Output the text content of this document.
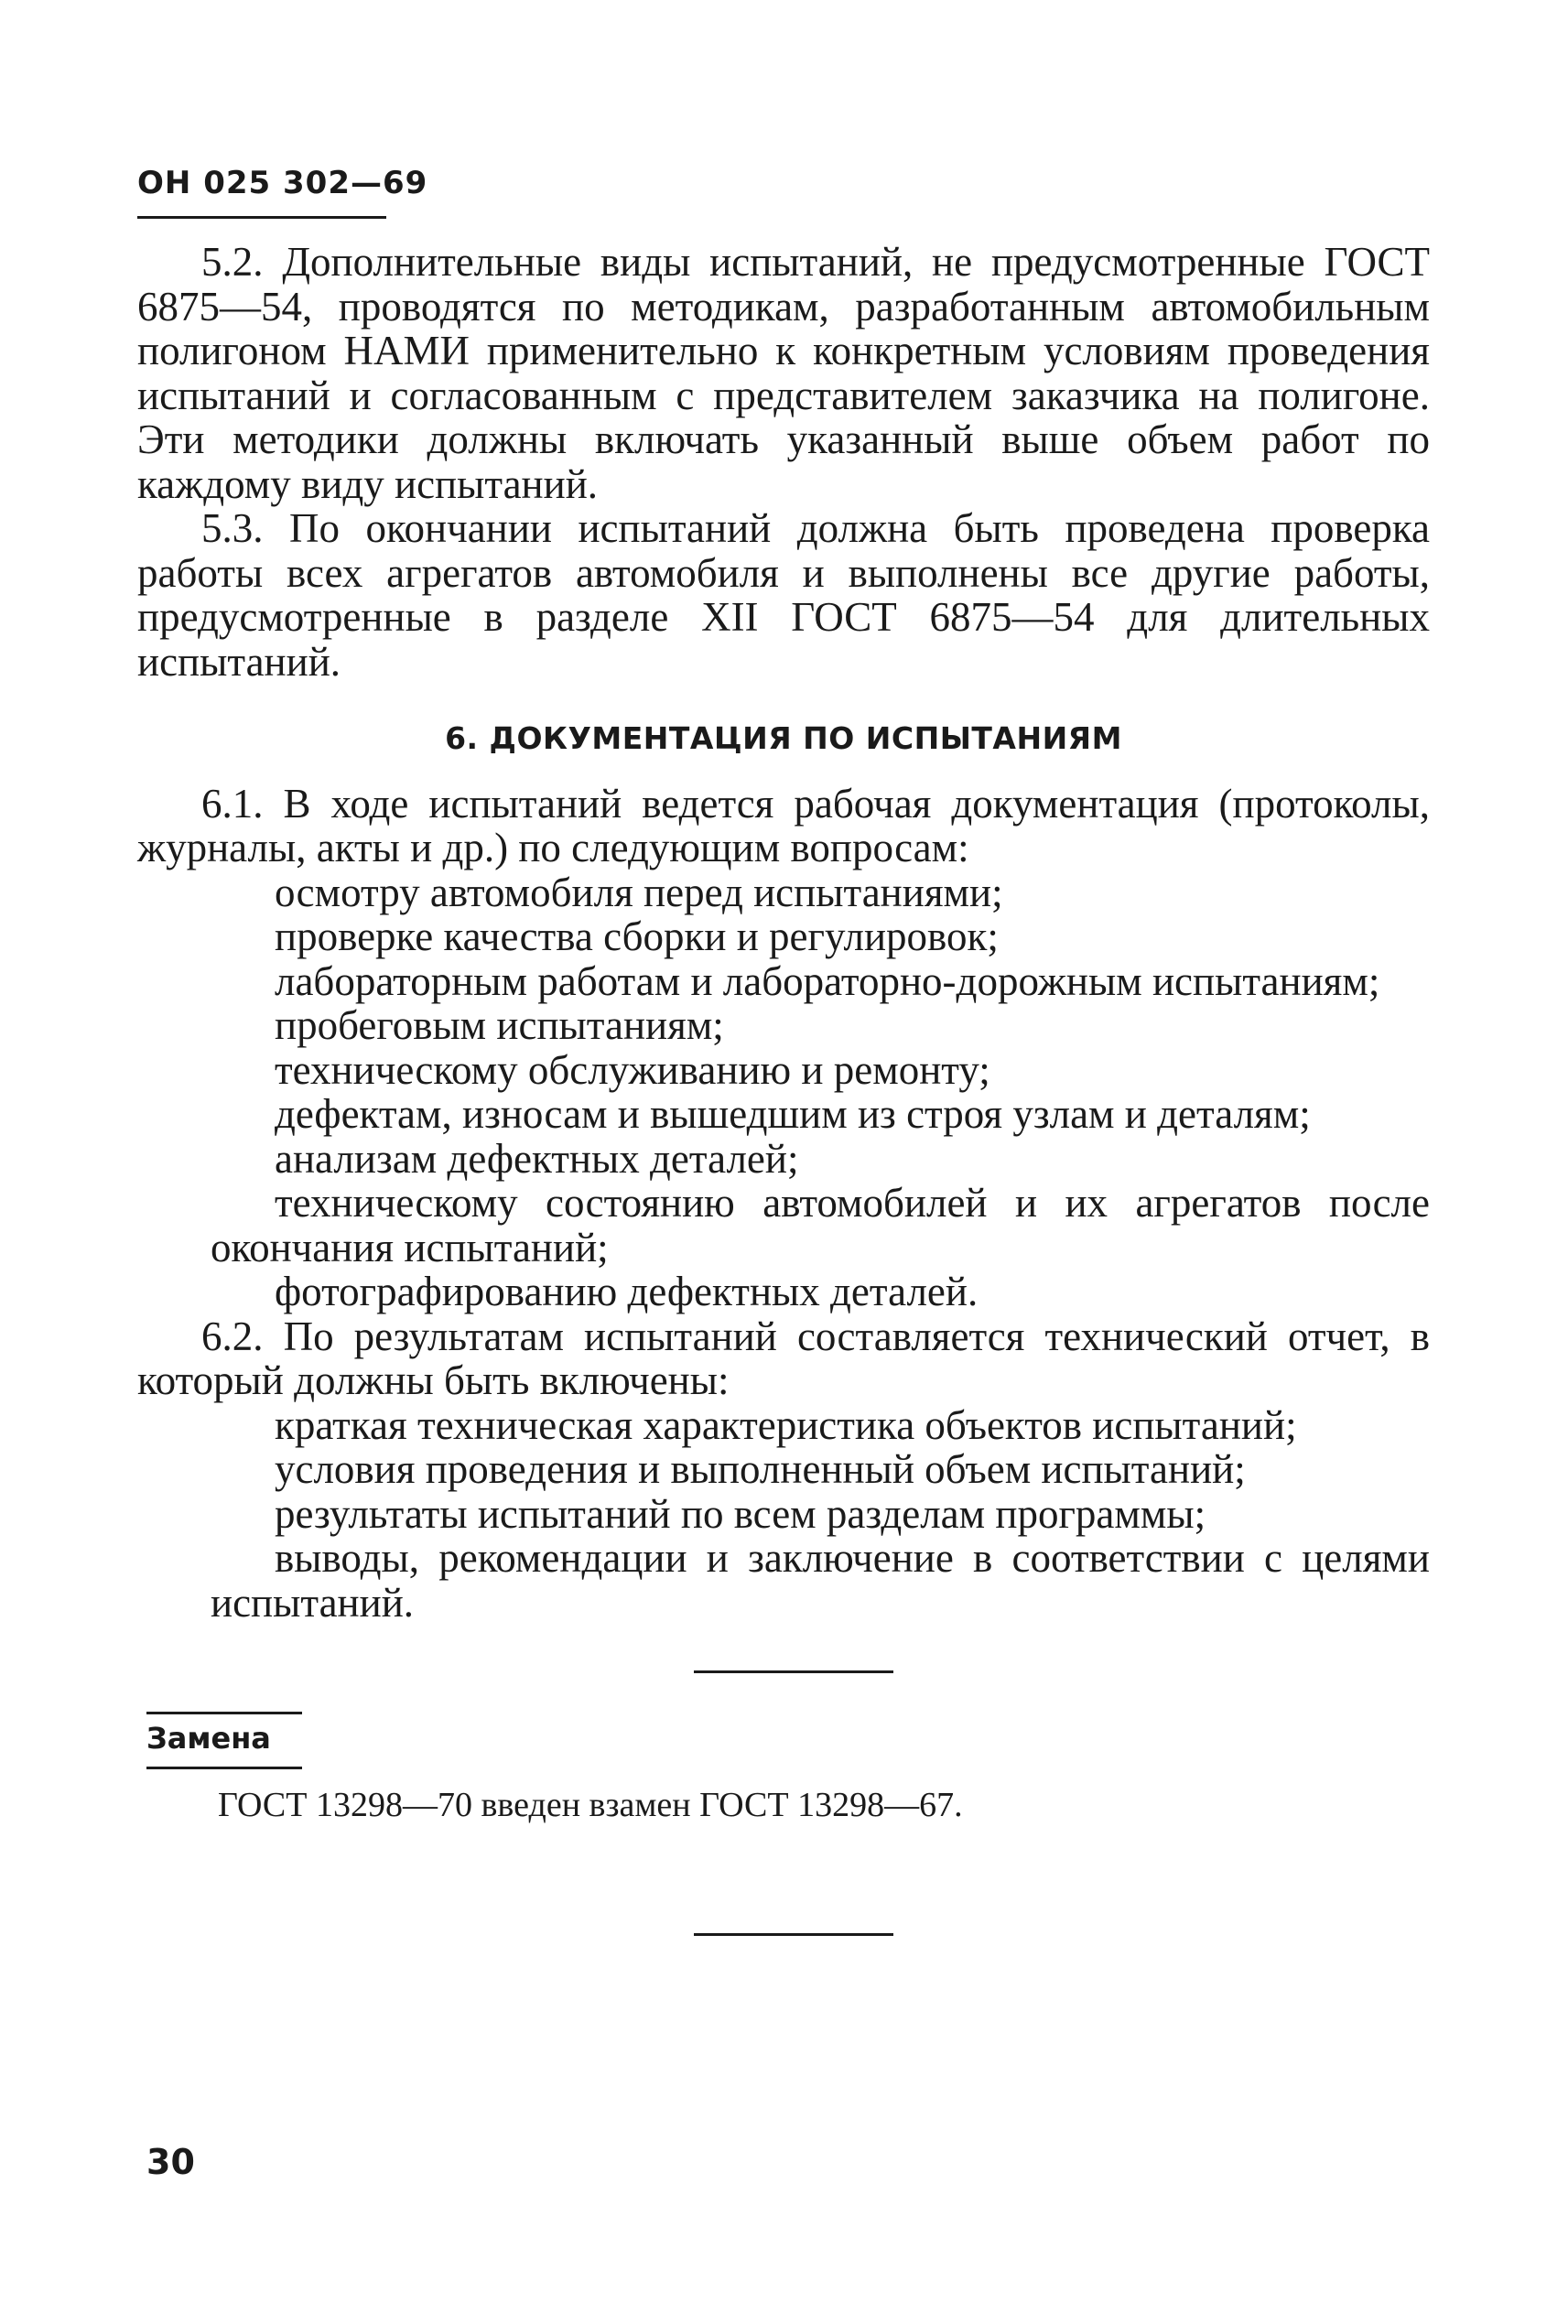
ОН 025 302—69

5.2. Дополнительные виды испытаний, не предусмотренные ГОСТ 6875—54, проводятся по методикам, разработанным автомобильным полигоном НАМИ применительно к конкретным условиям проведения испытаний и согласованным с представителем заказчика на полигоне. Эти методики должны включать указанный выше объем работ по каждому виду испытаний.

5.3. По окончании испытаний должна быть проведена проверка работы всех агрегатов автомобиля и выполнены все другие работы, предусмотренные в разделе XII ГОСТ 6875—54 для длительных испытаний.

6. ДОКУМЕНТАЦИЯ ПО ИСПЫТАНИЯМ

6.1. В ходе испытаний ведется рабочая документация (протоколы, журналы, акты и др.) по следующим вопросам:

осмотру автомобиля перед испытаниями;

проверке качества сборки и регулировок;

лабораторным работам и лабораторно-дорожным испытаниям;

пробеговым испытаниям;

техническому обслуживанию и ремонту;

дефектам, износам и вышедшим из строя узлам и деталям;

анализам дефектных деталей;

техническому состоянию автомобилей и их агрегатов после окончания испытаний;

фотографированию дефектных деталей.

6.2. По результатам испытаний составляется технический отчет, в который должны быть включены:

краткая техническая характеристика объектов испытаний;

условия проведения и выполненный объем испытаний;

результаты испытаний по всем разделам программы;

выводы, рекомендации и заключение в соответствии с целями испытаний.

Замена
ГОСТ 13298—70 введен взамен ГОСТ 13298—67.
30
